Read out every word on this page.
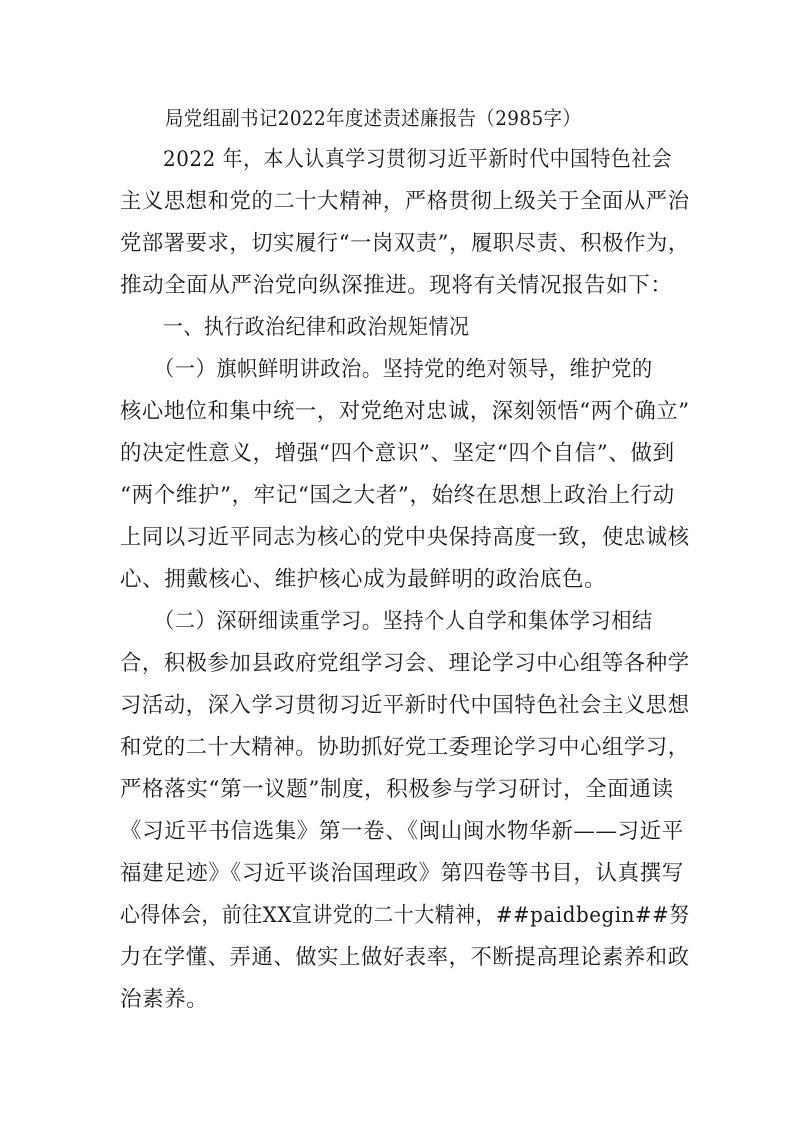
局党组副书记2022年度述责述廉报告（2985字）
2022 年，本人认真学习贯彻习近平新时代中国特色社会
主义思想和党的二十大精神，严格贯彻上级关于全面从严治
党部署要求，切实履行“一岗双责”，履职尽责、积极作为，
推动全面从严治党向纵深推进。现将有关情况报告如下：
一、执行政治纪律和政治规矩情况
（一）旗帜鲜明讲政治。坚持党的绝对领导，维护党的
核心地位和集中统一，对党绝对忠诚，深刻领悟“两个确立”
的决定性意义，增强“四个意识”、坚定“四个自信”、做到
“两个维护”，牢记“国之大者”，始终在思想上政治上行动
上同以习近平同志为核心的党中央保持高度一致，使忠诚核
心、拥戴核心、维护核心成为最鲜明的政治底色。
（二）深研细读重学习。坚持个人自学和集体学习相结
合，积极参加县政府党组学习会、理论学习中心组等各种学
习活动，深入学习贯彻习近平新时代中国特色社会主义思想
和党的二十大精神。协助抓好党工委理论学习中心组学习，
严格落实“第一议题”制度，积极参与学习研讨，全面通读
《习近平书信选集》第一卷、《闽山闽水物华新——习近平
福建足迹》《习近平谈治国理政》第四卷等书目，认真撰写
心得体会，前往XX宣讲党的二十大精神，##paidbegin##努
力在学懂、弄通、做实上做好表率，不断提高理论素养和政
治素养。
